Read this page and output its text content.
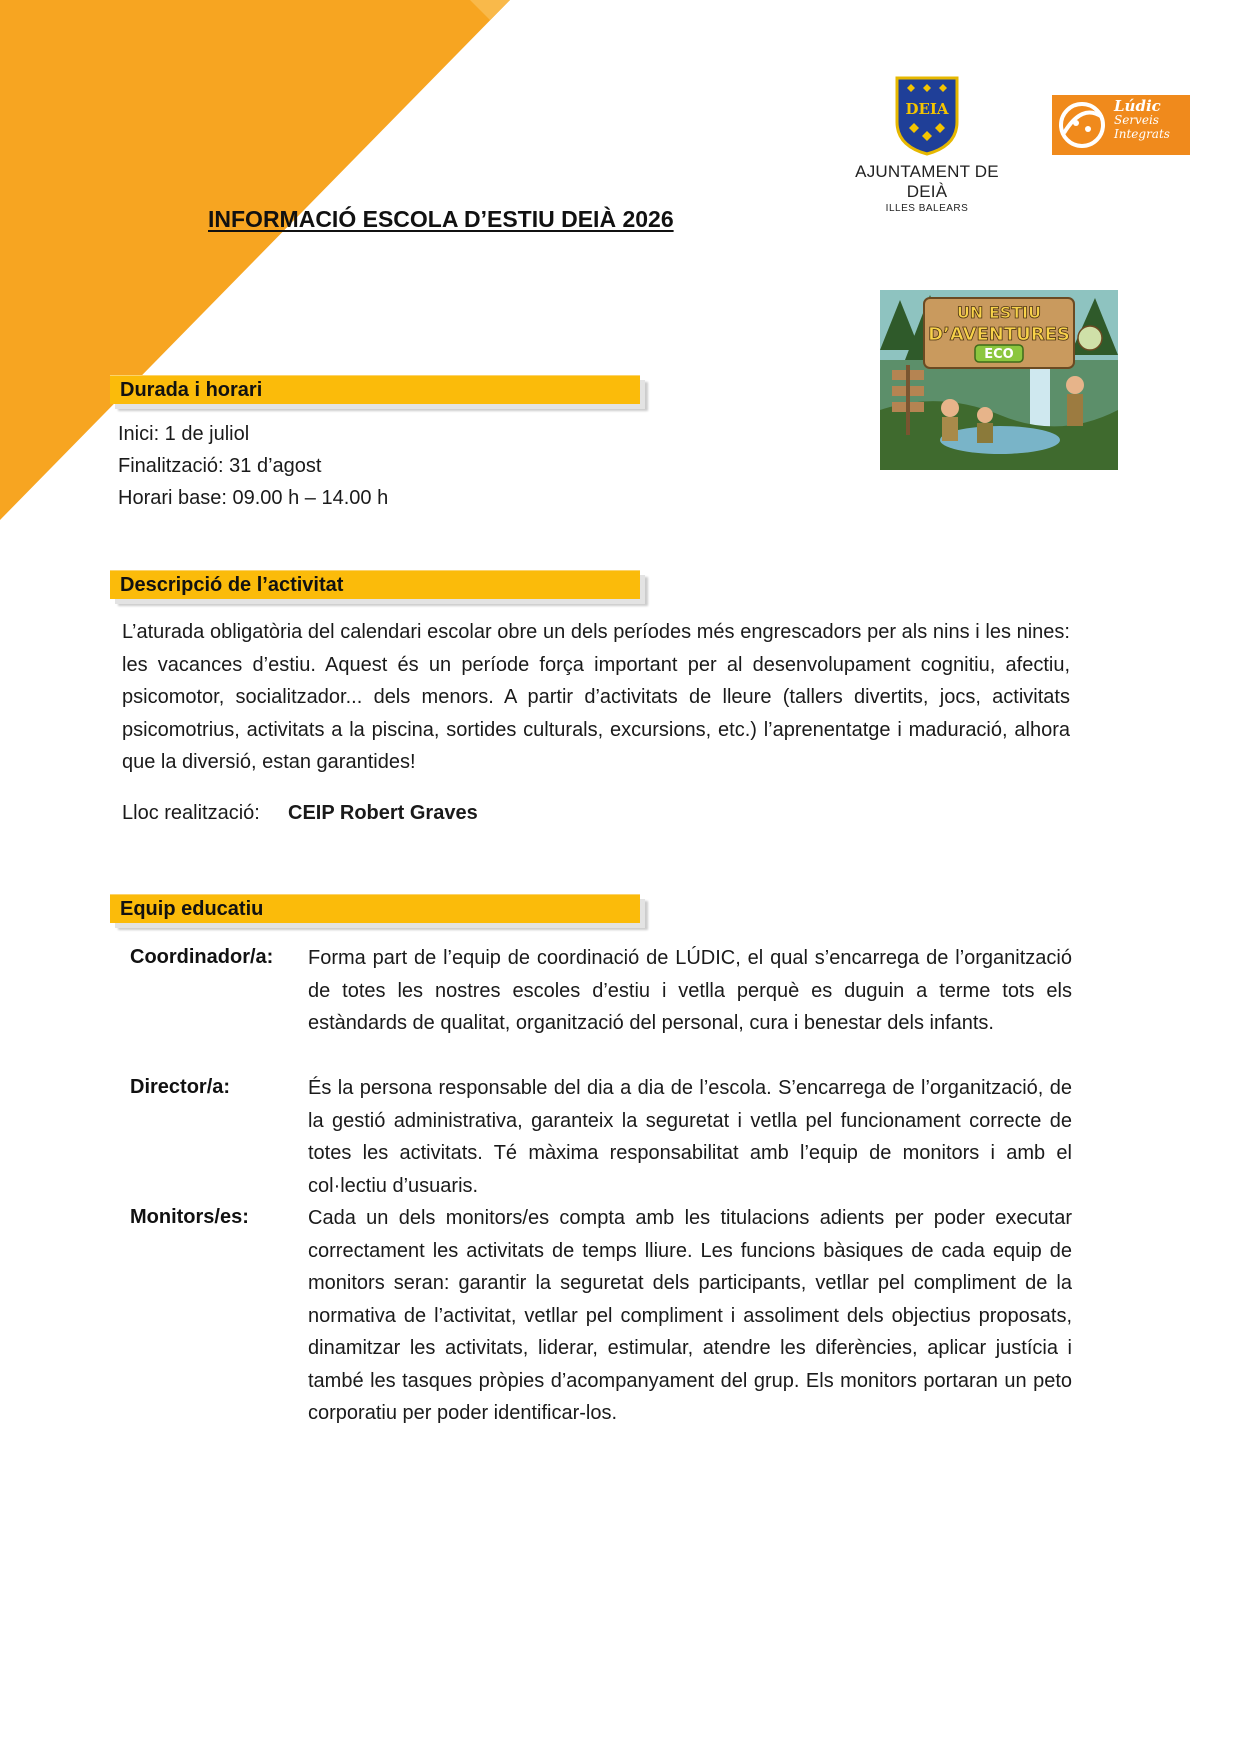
DEIA
AJUNTAMENT DE DEIÀ
ILLES BALEARS
Lúdic
Serveis
Integrats
INFORMACIÓ ESCOLA D’ESTIU DEIÀ 2026
UN ESTIU
D’AVENTURES
ECO
Durada i horari
Inici: 1 de juliol
Finalització: 31 d’agost
Horari base: 09.00 h – 14.00 h
Descripció de l’activitat

L’aturada obligatòria del calendari escolar obre un dels períodes més engrescadors per als nins i les nines: les vacances d’estiu. Aquest és un període força important per al desenvolupament cognitiu, afectiu, psicomotor, socialitzador... dels menors. A partir d’activitats de lleure (tallers divertits, jocs, activitats psicomotrius, activitats a la piscina, sortides culturals, excursions, etc.) l’aprenentatge i maduració, alhora que la diversió, estan garantides!

Lloc realització: CEIP Robert Graves
Equip educatiu
Coordinador/a: Forma part de l’equip de coordinació de LÚDIC, el qual s’encarrega de l’organització de totes les nostres escoles d’estiu i vetlla perquè es duguin a terme tots els estàndards de qualitat, organització del personal, cura i benestar dels infants.

Director/a:	És la persona responsable del dia a dia de l’escola. S’encarrega de l’organització, de la gestió administrativa, garanteix la seguretat i vetlla pel funcionament correcte de totes les activitats. Té màxima responsabilitat amb l’equip de monitors i amb el col·lectiu d’usuaris.

Monitors/es:	Cada un dels monitors/es compta amb les titulacions adients per poder executar correctament les activitats de temps lliure. Les funcions bàsiques de cada equip de monitors seran: garantir la seguretat dels participants, vetllar pel compliment de la normativa de l’activitat, vetllar pel compliment i assoliment dels objectius proposats, dinamitzar les activitats, liderar, estimular, atendre les diferències, aplicar justícia i també les tasques pròpies d’acompanyament del grup. Els monitors portaran un peto corporatiu per poder identificar-los.
